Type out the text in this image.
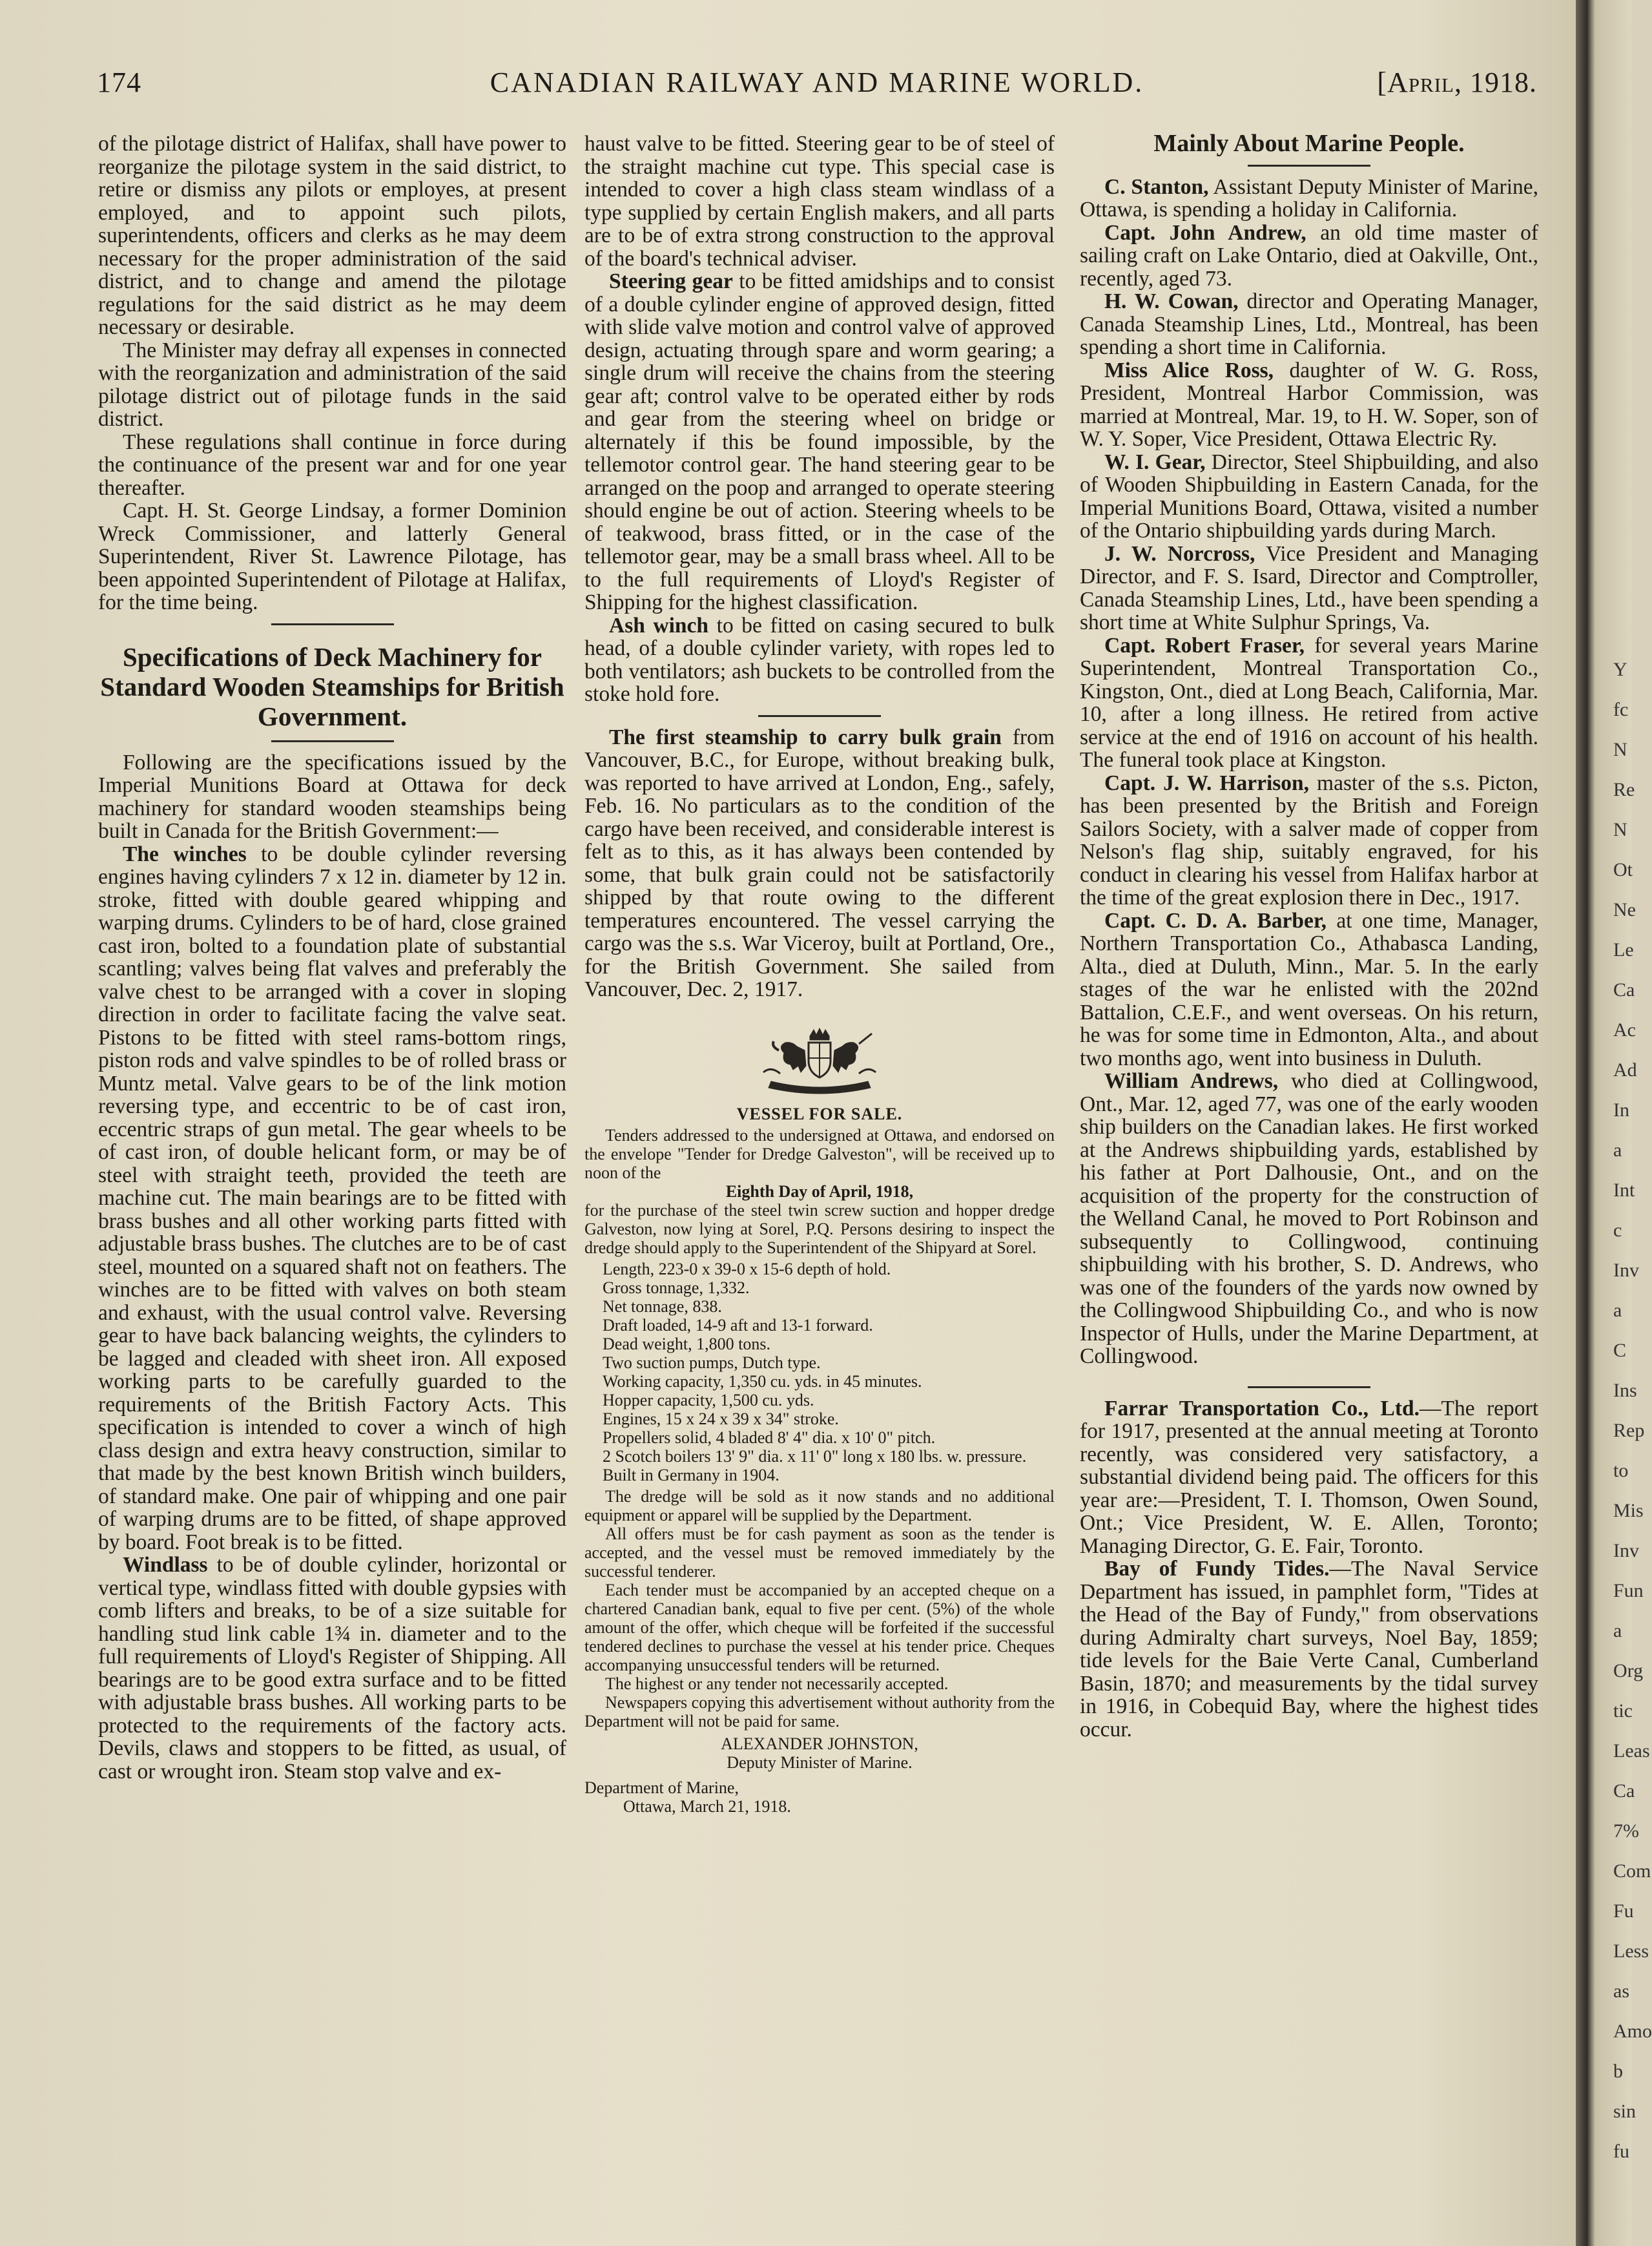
174	CANADIAN RAILWAY AND MARINE WORLD.	[April, 1918.

of the pilotage district of Halifax, shall have power to reorganize the pilotage system in the said district, to retire or dismiss any pilots or employes, at present employed, and to appoint such pilots, superintendents, officers and clerks as he may deem necessary for the proper administration of the said district, and to change and amend the pilotage regulations for the said district as he may deem necessary or desirable.

The Minister may defray all expenses in connected with the reorganization and administration of the said pilotage district out of pilotage funds in the said district.

These regulations shall continue in force during the continuance of the present war and for one year thereafter.

Capt. H. St. George Lindsay, a former Dominion Wreck Commissioner, and latterly General Superintendent, River St. Lawrence Pilotage, has been appointed Superintendent of Pilotage at Halifax, for the time being.

Specifications of Deck Machinery for Standard Wooden Steamships for British Government.

Following are the specifications issued by the Imperial Munitions Board at Ottawa for deck machinery for standard wooden steamships being built in Canada for the British Government:—

The winches to be double cylinder reversing engines having cylinders 7 x 12 in. diameter by 12 in. stroke, fitted with double geared whipping and warping drums. Cylinders to be of hard, close grained cast iron, bolted to a foundation plate of substantial scantling; valves being flat valves and preferably the valve chest to be arranged with a cover in sloping direction in order to facilitate facing the valve seat. Pistons to be fitted with steel rams-bottom rings, piston rods and valve spindles to be of rolled brass or Muntz metal. Valve gears to be of the link motion reversing type, and eccentric to be of cast iron, eccentric straps of gun metal. The gear wheels to be of cast iron, of double helicant form, or may be of steel with straight teeth, provided the teeth are machine cut. The main bearings are to be fitted with brass bushes and all other working parts fitted with adjustable brass bushes. The clutches are to be of cast steel, mounted on a squared shaft not on feathers. The winches are to be fitted with valves on both steam and exhaust, with the usual control valve. Reversing gear to have back balancing weights, the cylinders to be lagged and cleaded with sheet iron. All exposed working parts to be carefully guarded to the requirements of the British Factory Acts. This specification is intended to cover a winch of high class design and extra heavy construction, similar to that made by the best known British winch builders, of standard make. One pair of whipping and one pair of warping drums are to be fitted, of shape approved by board. Foot break is to be fitted.

Windlass to be of double cylinder, horizontal or vertical type, windlass fitted with double gypsies with comb lifters and breaks, to be of a size suitable for handling stud link cable 1¾ in. diameter and to the full requirements of Lloyd's Register of Shipping. All bearings are to be good extra surface and to be fitted with adjustable brass bushes. All working parts to be protected to the requirements of the factory acts. Devils, claws and stoppers to be fitted, as usual, of cast or wrought iron. Steam stop valve and ex-

haust valve to be fitted. Steering gear to be of steel of the straight machine cut type. This special case is intended to cover a high class steam windlass of a type supplied by certain English makers, and all parts are to be of extra strong construction to the approval of the board's technical adviser.

Steering gear to be fitted amidships and to consist of a double cylinder engine of approved design, fitted with slide valve motion and control valve of approved design, actuating through spare and worm gearing; a single drum will receive the chains from the steering gear aft; control valve to be operated either by rods and gear from the steering wheel on bridge or alternately if this be found impossible, by the tellemotor control gear. The hand steering gear to be arranged on the poop and arranged to operate steering should engine be out of action. Steering wheels to be of teakwood, brass fitted, or in the case of the tellemotor gear, may be a small brass wheel. All to be to the full requirements of Lloyd's Register of Shipping for the highest classification.

Ash winch to be fitted on casing secured to bulk head, of a double cylinder variety, with ropes led to both ventilators; ash buckets to be controlled from the stoke hold fore.

The first steamship to carry bulk grain from Vancouver, B.C., for Europe, without breaking bulk, was reported to have arrived at London, Eng., safely, Feb. 16. No particulars as to the condition of the cargo have been received, and considerable interest is felt as to this, as it has always been contended by some, that bulk grain could not be satisfactorily shipped by that route owing to the different temperatures encountered. The vessel carrying the cargo was the s.s. War Viceroy, built at Portland, Ore., for the British Government. She sailed from Vancouver, Dec. 2, 1917.

VESSEL FOR SALE.

Tenders addressed to the undersigned at Ottawa, and endorsed on the envelope "Tender for Dredge Galveston", will be received up to noon of the

Eighth Day of April, 1918,

for the purchase of the steel twin screw suction and hopper dredge Galveston, now lying at Sorel, P.Q. Persons desiring to inspect the dredge should apply to the Superintendent of the Shipyard at Sorel.

Length, 223-0 x 39-0 x 15-6 depth of hold.
Gross tonnage, 1,332.
Net tonnage, 838.
Draft loaded, 14-9 aft and 13-1 forward.
Dead weight, 1,800 tons.
Two suction pumps, Dutch type.
Working capacity, 1,350 cu. yds. in 45 minutes.
Hopper capacity, 1,500 cu. yds.
Engines, 15 x 24 x 39 x 34" stroke.
Propellers solid, 4 bladed 8' 4" dia. x 10' 0" pitch.
2 Scotch boilers 13' 9" dia. x 11' 0" long x 180 lbs. w. pressure.
Built in Germany in 1904.

The dredge will be sold as it now stands and no additional equipment or apparel will be supplied by the Department.

All offers must be for cash payment as soon as the tender is accepted, and the vessel must be removed immediately by the successful tenderer.

Each tender must be accompanied by an accepted cheque on a chartered Canadian bank, equal to five per cent. (5%) of the whole amount of the offer, which cheque will be forfeited if the successful tendered declines to purchase the vessel at his tender price. Cheques accompanying unsuccessful tenders will be returned.

The highest or any tender not necessarily accepted.

Newspapers copying this advertisement without authority from the Department will not be paid for same.

ALEXANDER JOHNSTON,

Deputy Minister of Marine.

Department of Marine,

Ottawa, March 21, 1918.

Mainly About Marine People.

C. Stanton, Assistant Deputy Minister of Marine, Ottawa, is spending a holiday in California.

Capt. John Andrew, an old time master of sailing craft on Lake Ontario, died at Oakville, Ont., recently, aged 73.

H. W. Cowan, director and Operating Manager, Canada Steamship Lines, Ltd., Montreal, has been spending a short time in California.

Miss Alice Ross, daughter of W. G. Ross, President, Montreal Harbor Commission, was married at Montreal, Mar. 19, to H. W. Soper, son of W. Y. Soper, Vice President, Ottawa Electric Ry.

W. I. Gear, Director, Steel Shipbuilding, and also of Wooden Shipbuilding in Eastern Canada, for the Imperial Munitions Board, Ottawa, visited a number of the Ontario shipbuilding yards during March.

J. W. Norcross, Vice President and Managing Director, and F. S. Isard, Director and Comptroller, Canada Steamship Lines, Ltd., have been spending a short time at White Sulphur Springs, Va.

Capt. Robert Fraser, for several years Marine Superintendent, Montreal Transportation Co., Kingston, Ont., died at Long Beach, California, Mar. 10, after a long illness. He retired from active service at the end of 1916 on account of his health. The funeral took place at Kingston.

Capt. J. W. Harrison, master of the s.s. Picton, has been presented by the British and Foreign Sailors Society, with a salver made of copper from Nelson's flag ship, suitably engraved, for his conduct in clearing his vessel from Halifax harbor at the time of the great explosion there in Dec., 1917.

Capt. C. D. A. Barber, at one time, Manager, Northern Transportation Co., Athabasca Landing, Alta., died at Duluth, Minn., Mar. 5. In the early stages of the war he enlisted with the 202nd Battalion, C.E.F., and went overseas. On his return, he was for some time in Edmonton, Alta., and about two months ago, went into business in Duluth.

William Andrews, who died at Collingwood, Ont., Mar. 12, aged 77, was one of the early wooden ship builders on the Canadian lakes. He first worked at the Andrews shipbuilding yards, established by his father at Port Dalhousie, Ont., and on the acquisition of the property for the construction of the Welland Canal, he moved to Port Robinson and subsequently to Collingwood, continuing shipbuilding with his brother, S. D. Andrews, who was one of the founders of the yards now owned by the Collingwood Shipbuilding Co., and who is now Inspector of Hulls, under the Marine Department, at Collingwood.

Farrar Transportation Co., Ltd.—The report for 1917, presented at the annual meeting at Toronto recently, was considered very satisfactory, a substantial dividend being paid. The officers for this year are:—President, T. I. Thomson, Owen Sound, Ont.; Vice President, W. E. Allen, Toronto; Managing Director, G. E. Fair, Toronto.

Bay of Fundy Tides.—The Naval Service Department has issued, in pamphlet form, "Tides at the Head of the Bay of Fundy," from observations during Admiralty chart surveys, Noel Bay, 1859; tide levels for the Baie Verte Canal, Cumberland Basin, 1870; and measurements by the tidal survey in 1916, in Cobequid Bay, where the highest tides occur.

Y
fc
N
Re
N
Ot
Ne
Le
Ca
Ac
Ad
In
a
Int
c
Inv
a
C
Ins
Rep
to
Mis
Inv
Fun
a
Org
tic
Leas
Ca
7%
Com
Fu
Less
as
Amo
b
sin
fu
